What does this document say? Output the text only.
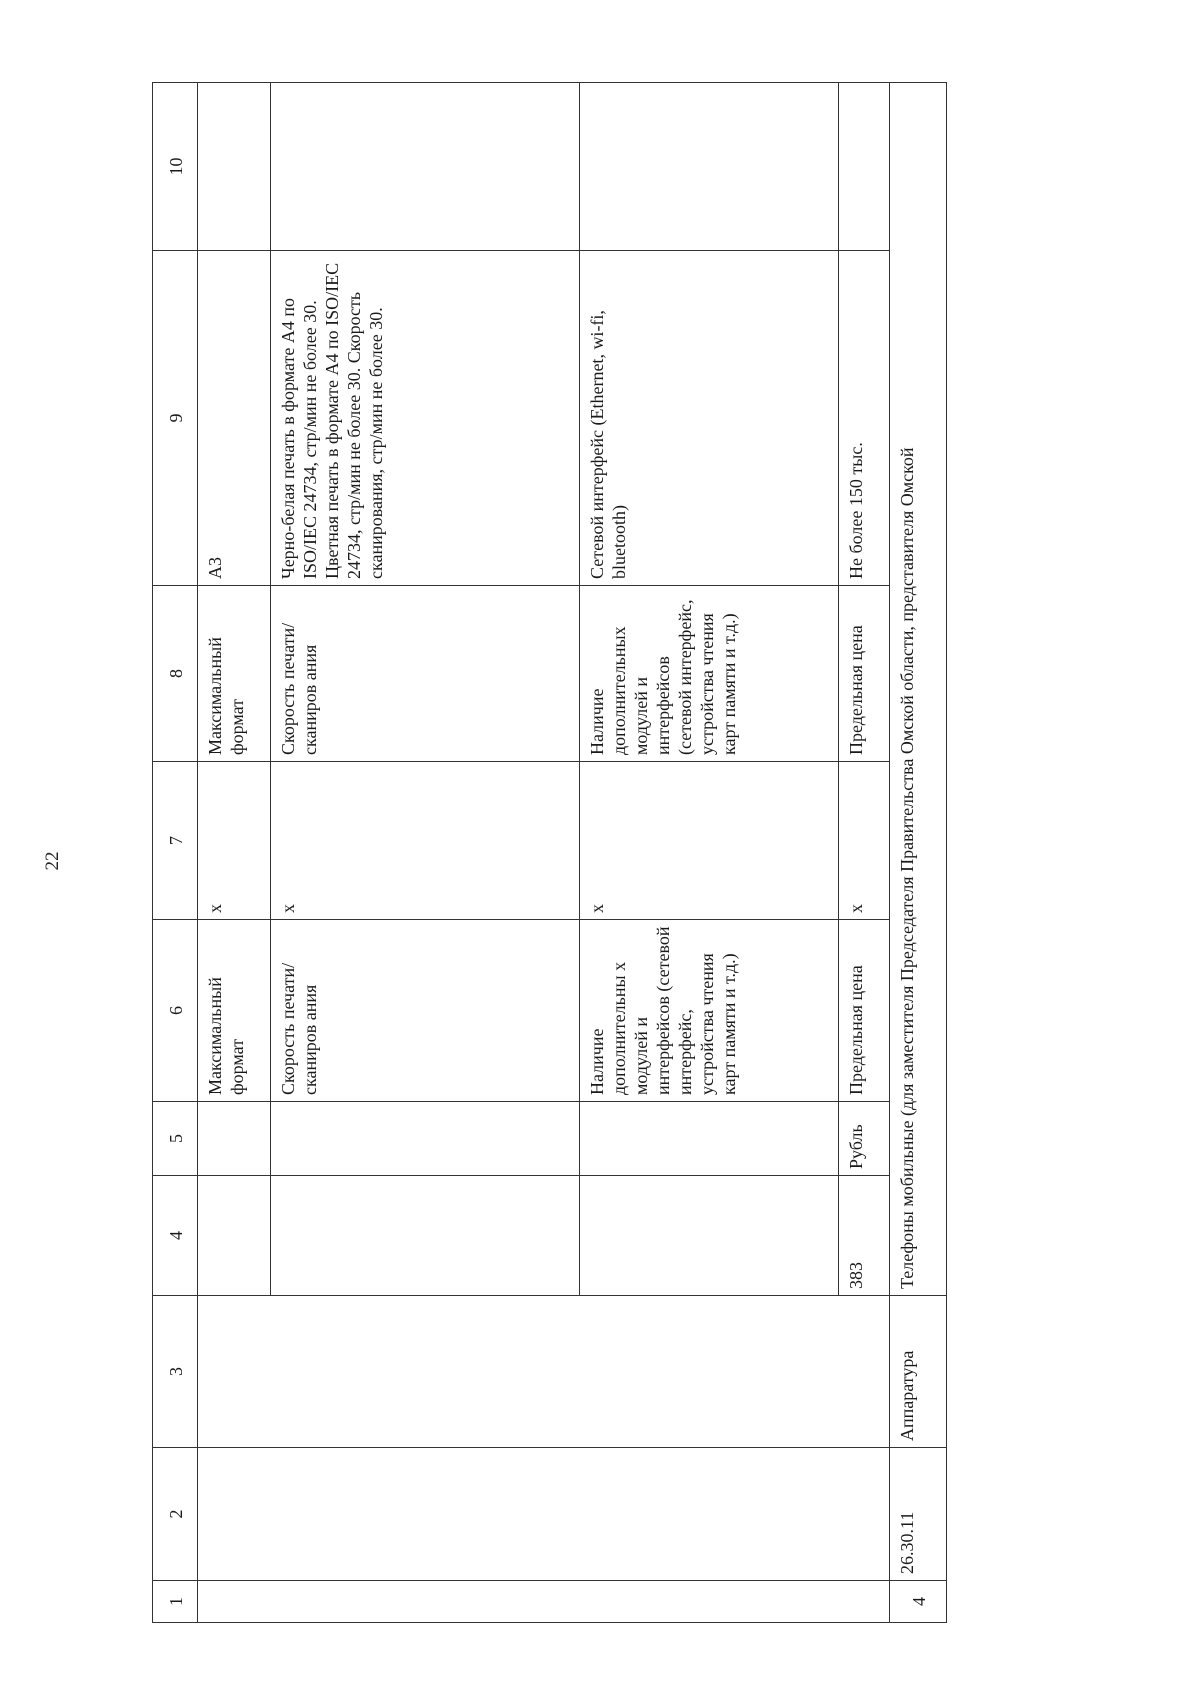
22
1	2	3	4	5	6	7	8	9	10
					Максимальный формат	х	Максимальный формат	А3	
					Скорость печати/сканиров ания	х	Скорость печати/сканиров ания	Черно-белая печать в формате А4 по ISO/IEC 24734, стр/мин не более 30. Цветная печать в формате А4 по ISO/IEC 24734, стр/мин не более 30. Скорость сканирования, стр/мин не более 30.	
					Наличие дополнительны х модулей и интерфейсов (сетевой интерфейс, устройства чтения карт памяти и т.д.)	х	Наличие дополнительных модулей и интерфейсов (сетевой интерфейс, устройства чтения карт памяти и т.д.)	Сетевой интерфейс (Ethernet, wi-fi, bluetooth)	
			383	Рубль	Предельная цена	х	Предельная цена	Не более 150 тыс.	
4	26.30.11	Аппаратура	Телефоны мобильные (для заместителя Председателя Правительства Омской области, представителя Омской						
